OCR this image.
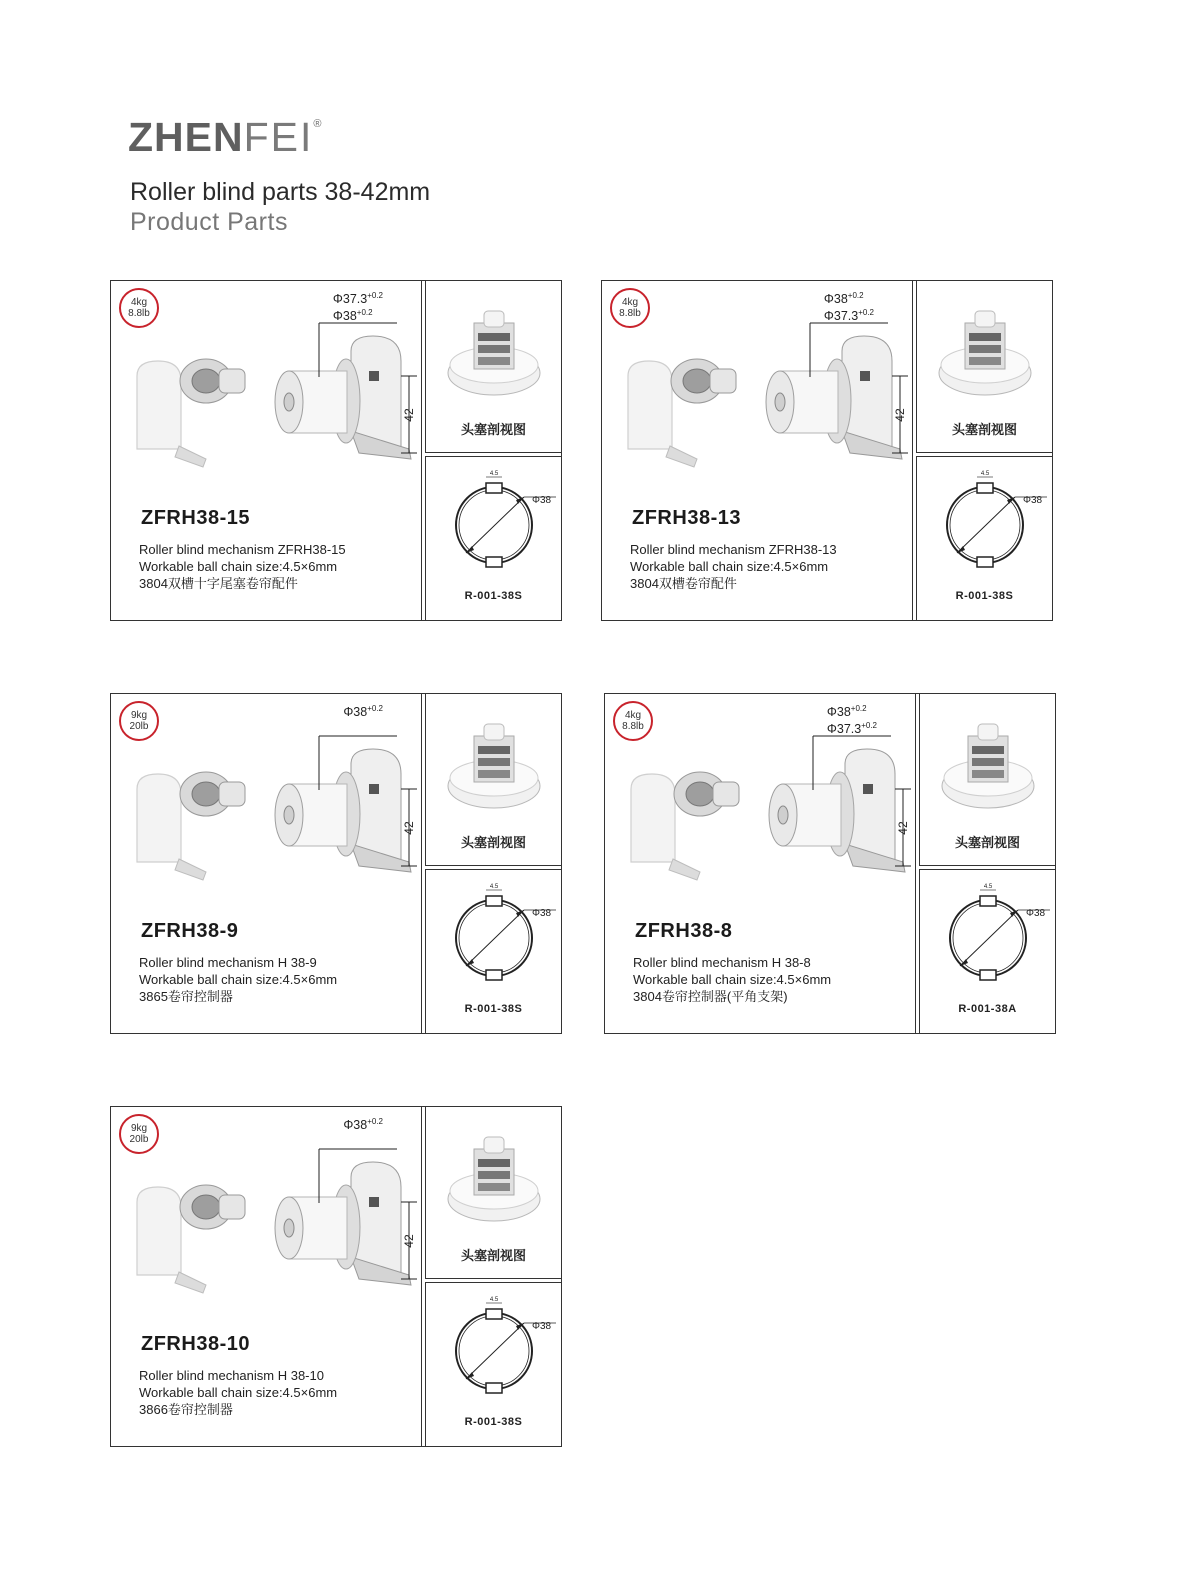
ZHENFEI®
Roller blind parts 38-42mm
Product Parts
4kg
8.8lb
42
$\Phi 37.3^{+0.2}$
$\Phi 38^{+0.2}$
ZFRH38-15
Roller blind mechanism ZFRH38-15
Workable ball chain size:4.5×6mm
3804双槽十字尾塞卷帘配件
头塞剖视图
4.5
Φ38
R-001-38S
4kg
8.8lb
42
$\Phi 38^{+0.2}$
$\Phi 37.3^{+0.2}$
ZFRH38-13
Roller blind mechanism ZFRH38-13
Workable ball chain size:4.5×6mm
3804双槽卷帘配件
头塞剖视图
4.5
Φ38
R-001-38S
9kg
20lb
42
$\Phi 38^{+0.2}$
ZFRH38-9
Roller blind mechanism H 38-9
Workable ball chain size:4.5×6mm
3865卷帘控制器
头塞剖视图
4.5
Φ38
R-001-38S
4kg
8.8lb
42
$\Phi 38^{+0.2}$
$\Phi 37.3^{+0.2}$
ZFRH38-8
Roller blind mechanism H 38-8
Workable ball chain size:4.5×6mm
3804卷帘控制器(平角支架)
头塞剖视图
4.5
Φ38
R-001-38A
9kg
20lb
42
$\Phi 38^{+0.2}$
ZFRH38-10
Roller blind mechanism H 38-10
Workable ball chain size:4.5×6mm
3866卷帘控制器
头塞剖视图
4.5
Φ38
R-001-38S
